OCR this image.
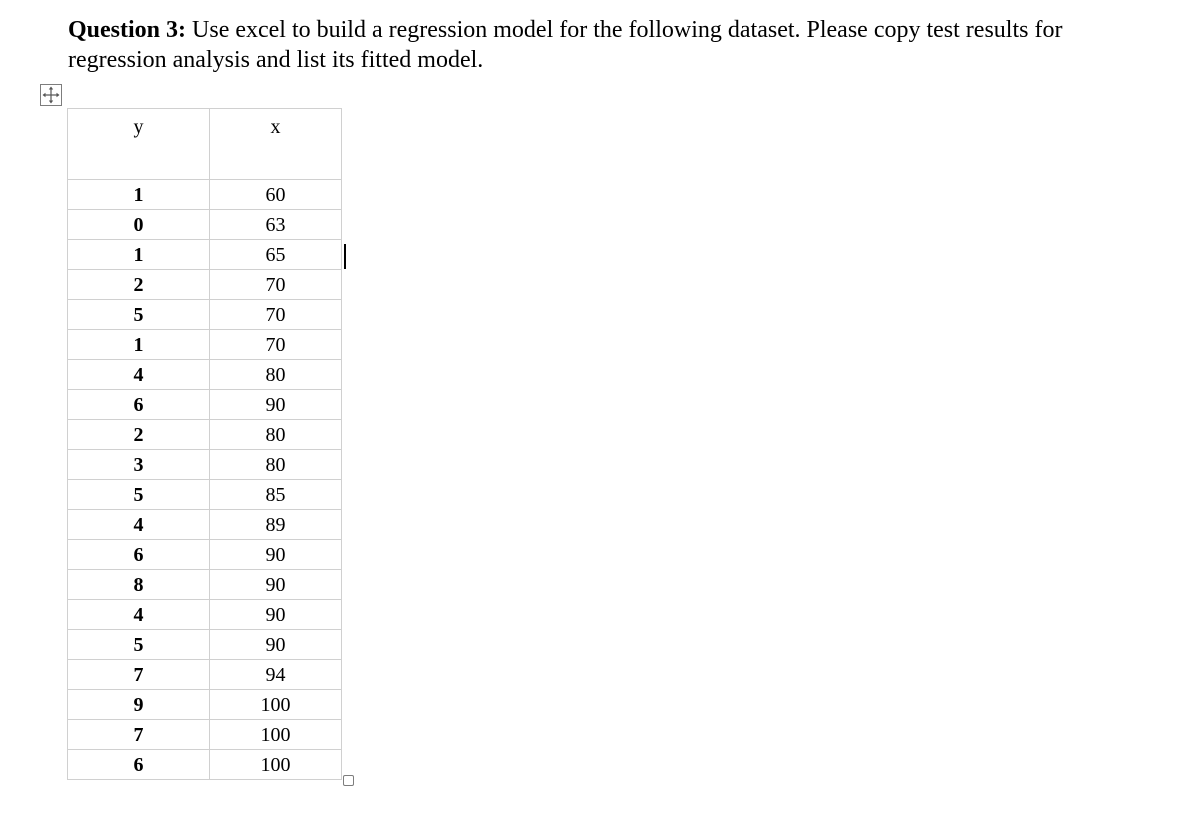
Question 3: Use excel to build a regression model for the following dataset. Please copy test results for regression analysis and list its fitted model.

y	x
1	60
0	63
1	65
2	70
5	70
1	70
4	80
6	90
2	80
3	80
5	85
4	89
6	90
8	90
4	90
5	90
7	94
9	100
7	100
6	100
